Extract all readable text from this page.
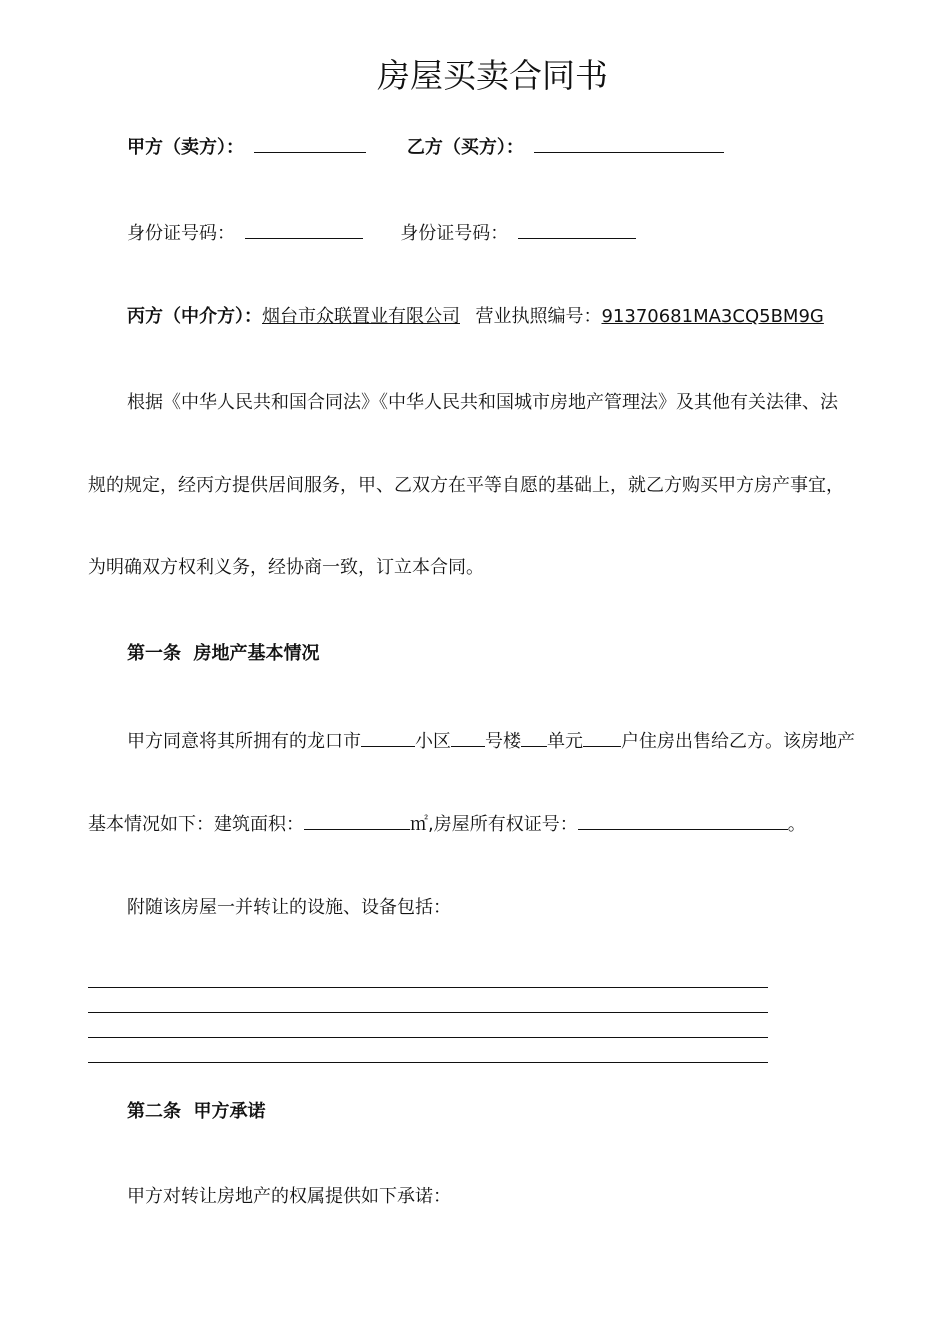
房屋买卖合同书
甲方（卖方）：	乙方（买方）：
身份证号码：	身份证号码：
丙方（中介方）：烟台市众联置业有限公司 营业执照编号：91370681MA3CQ5BM9G
根据《中华人民共和国合同法》《中华人民共和国城市房地产管理法》及其他有关法律、法
规的规定，经丙方提供居间服务，甲、乙双方在平等自愿的基础上，就乙方购买甲方房产事宜，
为明确双方权利义务，经协商一致，订立本合同。
第一条  房地产基本情况
甲方同意将其所拥有的龙口市	小区 号楼 单元 户住房出售给乙方。该房地产
基本情况如下：建筑面积：	㎡,房屋所有权证号：	。
附随该房屋一并转让的设施、设备包括：
第二条  甲方承诺
甲方对转让房地产的权属提供如下承诺：
